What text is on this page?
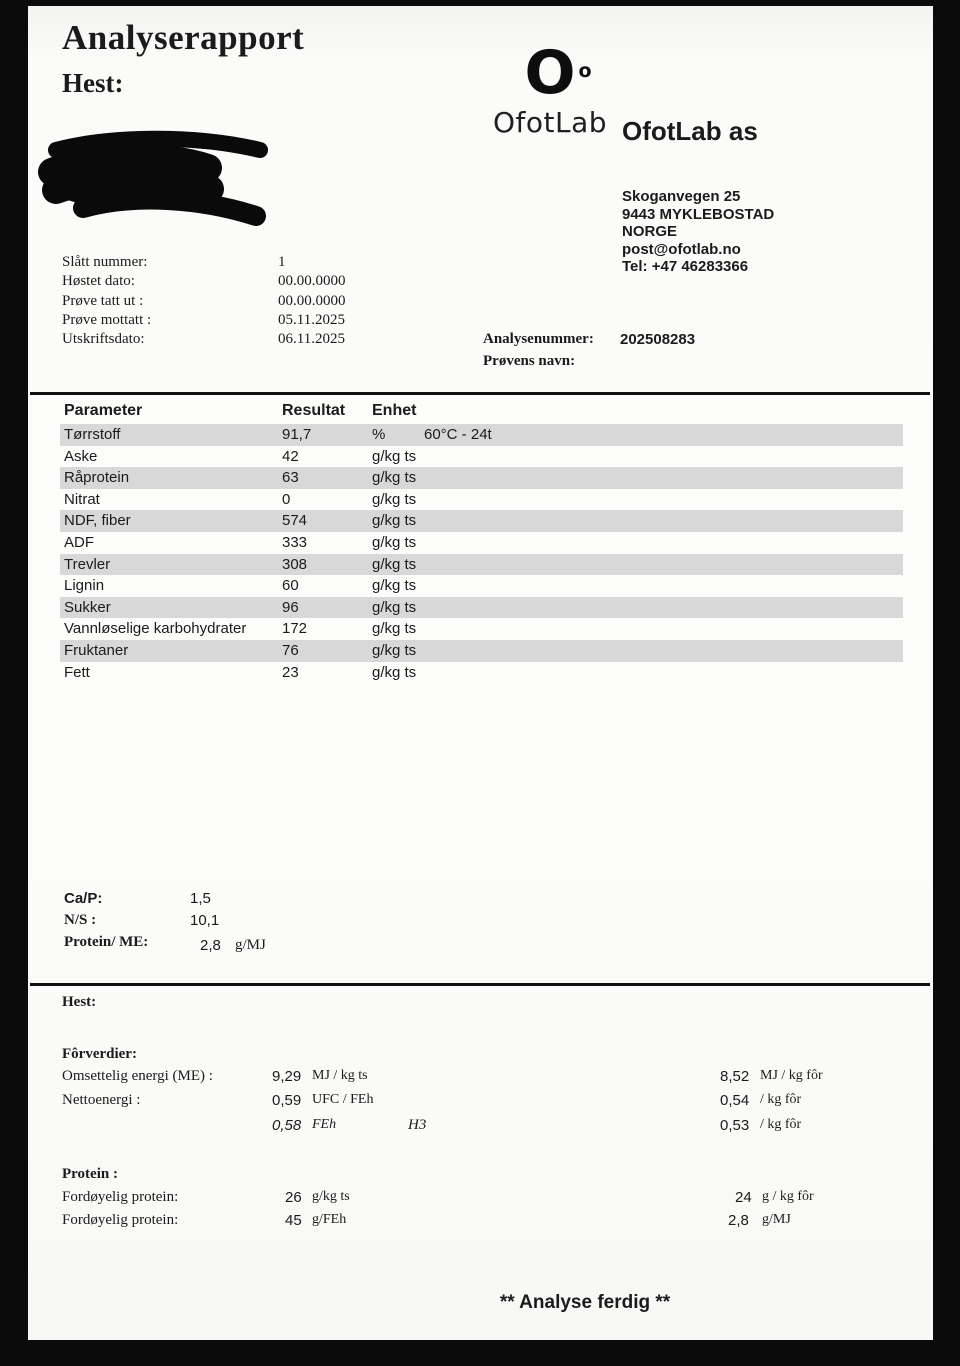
Analyserapport
Hest:	O o
OfotLab OfotLab as
Skoganvegen 25
9443 MYKLEBOSTAD
NORGE
post@ofotlab.no
Tel: +47 46283366
Slått nummer:	1
Høstet dato:	00.00.0000
Prøve tatt ut :	00.00.0000
Prøve mottatt :	05.11.2025
Utskriftsdato:	06.11.2025	Analysenummer: 202508283
Prøvens navn:
Parameter	Resultat	Enhet
Tørrstoff	91,7	%	60°C - 24t
Aske	42	g/kg ts
Råprotein	63	g/kg ts
Nitrat	0	g/kg ts
NDF, fiber	574	g/kg ts
ADF	333	g/kg ts
Trevler	308	g/kg ts
Lignin	60	g/kg ts
Sukker	96	g/kg ts
Vannløselige karbohydrater	172	g/kg ts
Fruktaner	76	g/kg ts
Fett	23	g/kg ts
Ca/P:	1,5
N/S :	10,1
Protein/ ME:	2,8 g/MJ
Hest:
Fôrverdier:
Omsettelig energi (ME) :	9,29 MJ / kg ts	8,52 MJ / kg fôr
Nettoenergi :	0,59 UFC / FEh	0,54 / kg fôr
0,58 FEh	H3	0,53 / kg fôr
Protein :
Fordøyelig protein:	26 g/kg ts	24 g / kg fôr
Fordøyelig protein:	45 g/FEh	2,8 g/MJ
** Analyse ferdig **
